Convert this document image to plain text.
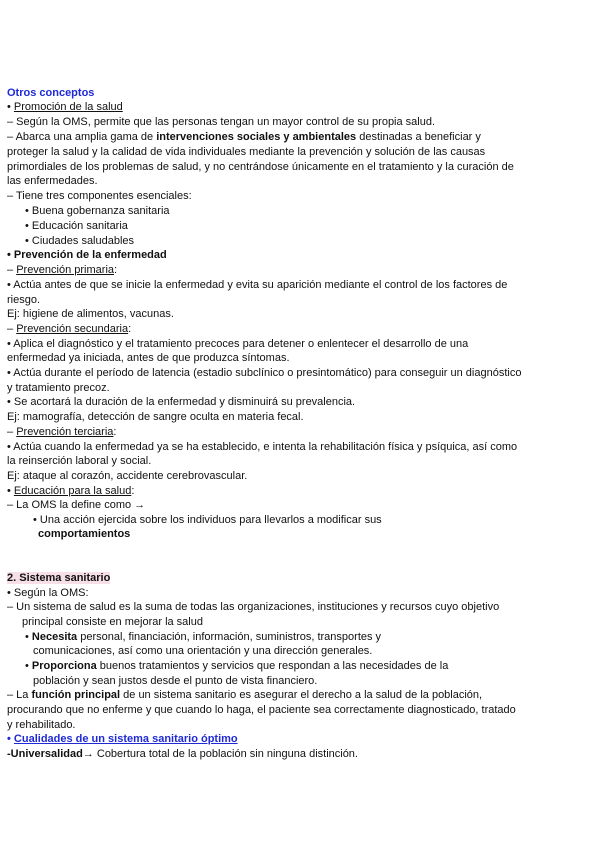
Otros conceptos
• Promoción de la salud
– Según la OMS, permite que las personas tengan un mayor control de su propia salud.
– Abarca una amplia gama de intervenciones sociales y ambientales destinadas a beneficiar y
proteger la salud y la calidad de vida individuales mediante la prevención y solución de las causas
primordiales de los problemas de salud, y no centrándose únicamente en el tratamiento y la curación de
las enfermedades.
– Tiene tres componentes esenciales:
• Buena gobernanza sanitaria
• Educación sanitaria
• Ciudades saludables
• Prevención de la enfermedad
– Prevención primaria:
• Actúa antes de que se inicie la enfermedad y evita su aparición mediante el control de los factores de
riesgo.
Ej: higiene de alimentos, vacunas.
– Prevención secundaria:
• Aplica el diagnóstico y el tratamiento precoces para detener o enlentecer el desarrollo de una
enfermedad ya iniciada, antes de que produzca síntomas.
• Actúa durante el período de latencia (estadio subclínico o presintomático) para conseguir un diagnóstico
y tratamiento precoz.
• Se acortará la duración de la enfermedad y disminuirá su prevalencia.
Ej: mamografía, detección de sangre oculta en materia fecal.
– Prevención terciaria:
• Actúa cuando la enfermedad ya se ha establecido, e intenta la rehabilitación física y psíquica, así como
la reinserción laboral y social.
Ej: ataque al corazón, accidente cerebrovascular.
• Educación para la salud:
– La OMS la define como →
• Una acción ejercida sobre los individuos para llevarlos a modificar sus
comportamientos
2. Sistema sanitario
• Según la OMS:
– Un sistema de salud es la suma de todas las organizaciones, instituciones y recursos cuyo objetivo
principal consiste en mejorar la salud
• Necesita personal, financiación, información, suministros, transportes y
comunicaciones, así como una orientación y una dirección generales.
• Proporciona buenos tratamientos y servicios que respondan a las necesidades de la
población y sean justos desde el punto de vista financiero.
– La función principal de un sistema sanitario es asegurar el derecho a la salud de la población,
procurando que no enferme y que cuando lo haga, el paciente sea correctamente diagnosticado, tratado
y rehabilitado.
• Cualidades de un sistema sanitario óptimo
-Universalidad→ Cobertura total de la población sin ninguna distinción.
